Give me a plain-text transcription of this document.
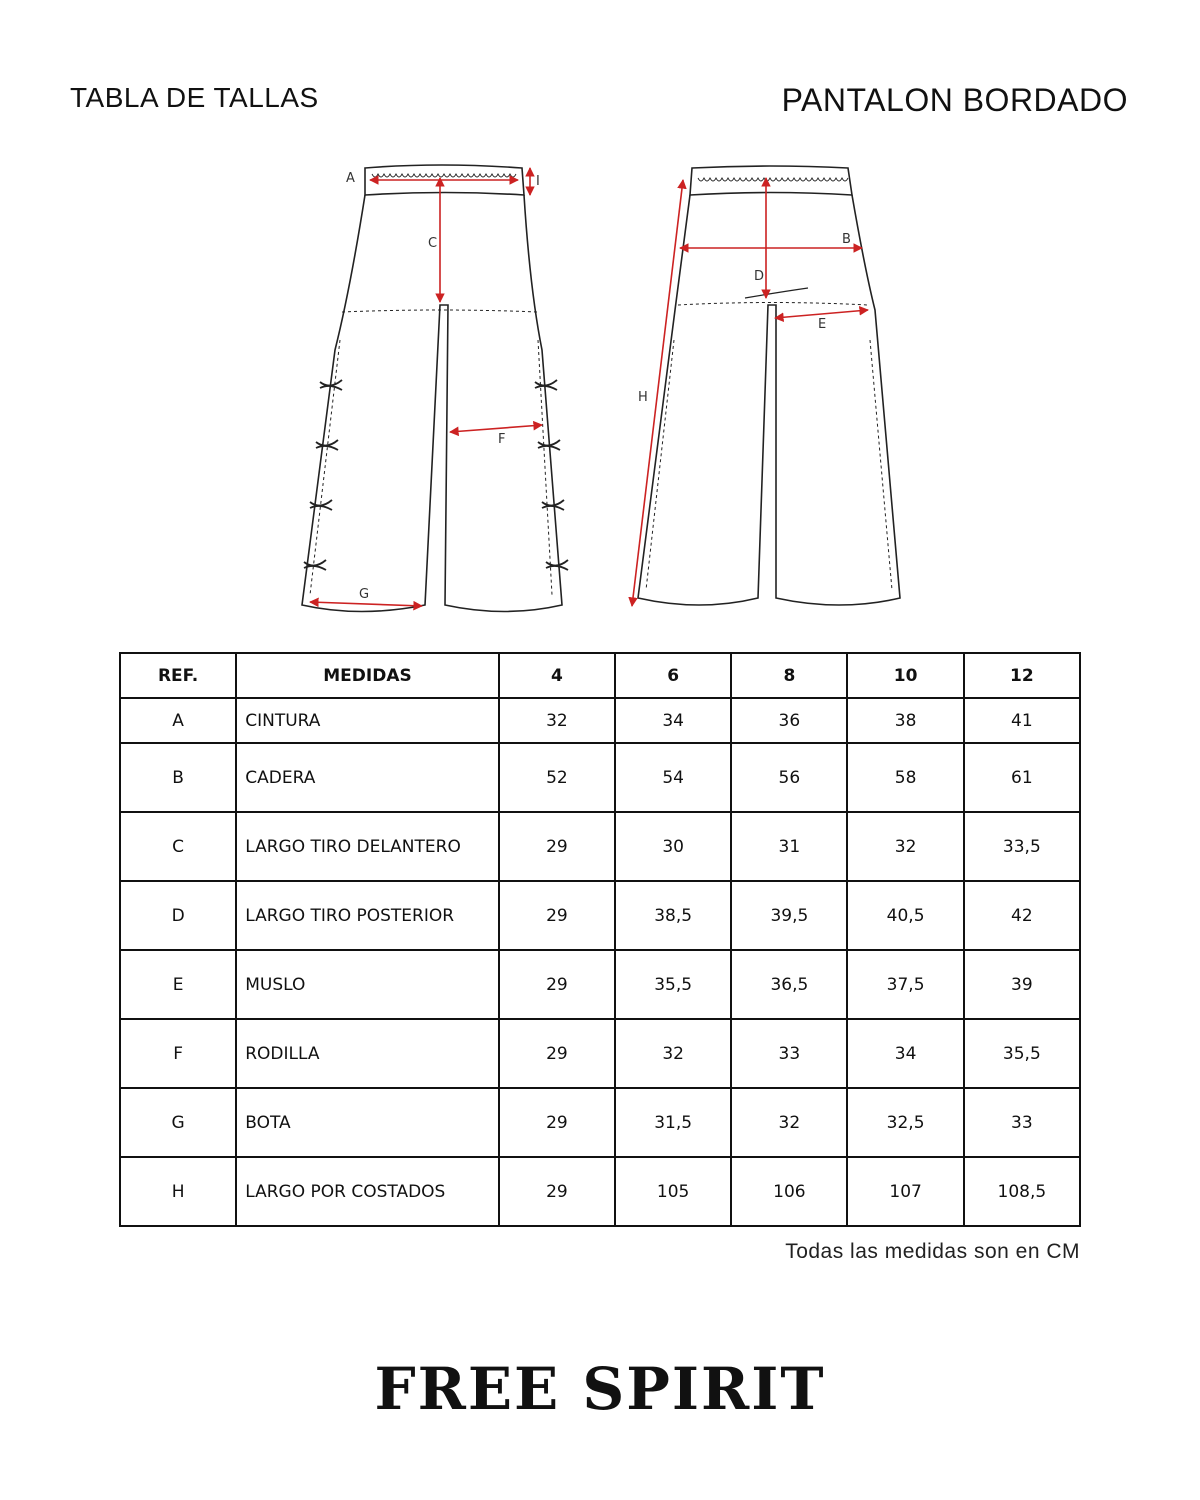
TABLA DE TALLAS	PANTALON BORDADO
A	I
C
F
G
B
D
E
H
REF.	MEDIDAS	4	6	8	10	12
A	CINTURA	32	34	36	38	41
B	CADERA	52	54	56	58	61
C	LARGO TIRO DELANTERO	29	30	31	32	33,5
D	LARGO TIRO POSTERIOR	29	38,5	39,5	40,5	42
E	MUSLO	29	35,5	36,5	37,5	39
F	RODILLA	29	32	33	34	35,5
G	BOTA	29	31,5	32	32,5	33
H	LARGO POR COSTADOS	29	105	106	107	108,5
Todas las medidas son en CM
FREE SPIRIT
